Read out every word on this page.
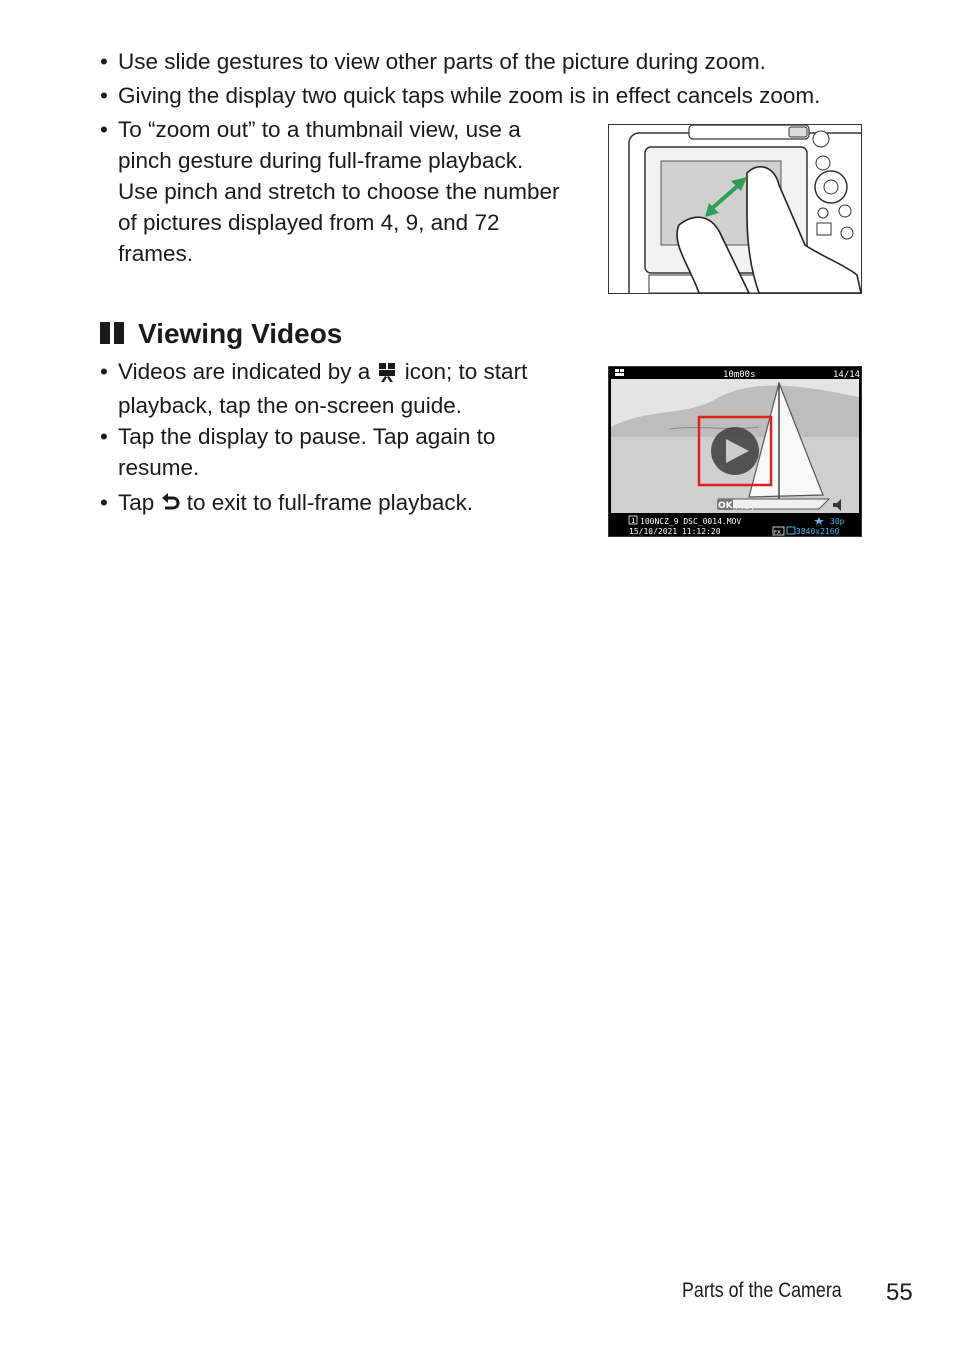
• Use slide gestures to view other parts of the picture during zoom.
• Giving the display two quick taps while zoom is in effect cancels zoom.
• To “zoom out” to a thumbnail view, use a
pinch gesture during full-frame playback.
Use pinch and stretch to choose the number
of pictures displayed from 4, 9, and 72
frames.
Viewing Videos
• Videos are indicated by a  icon; to start
playback, tap the on-screen guide.
• Tap the display to pause. Tap again to
resume.
• Tap  to exit to full-frame playback.
10m00s	14/14
OK Play
1 100NCZ_9 DSC_0014.MOV
15/10/2021 11:12:20
30p
FX 3840x2160
Parts of the Camera 55
